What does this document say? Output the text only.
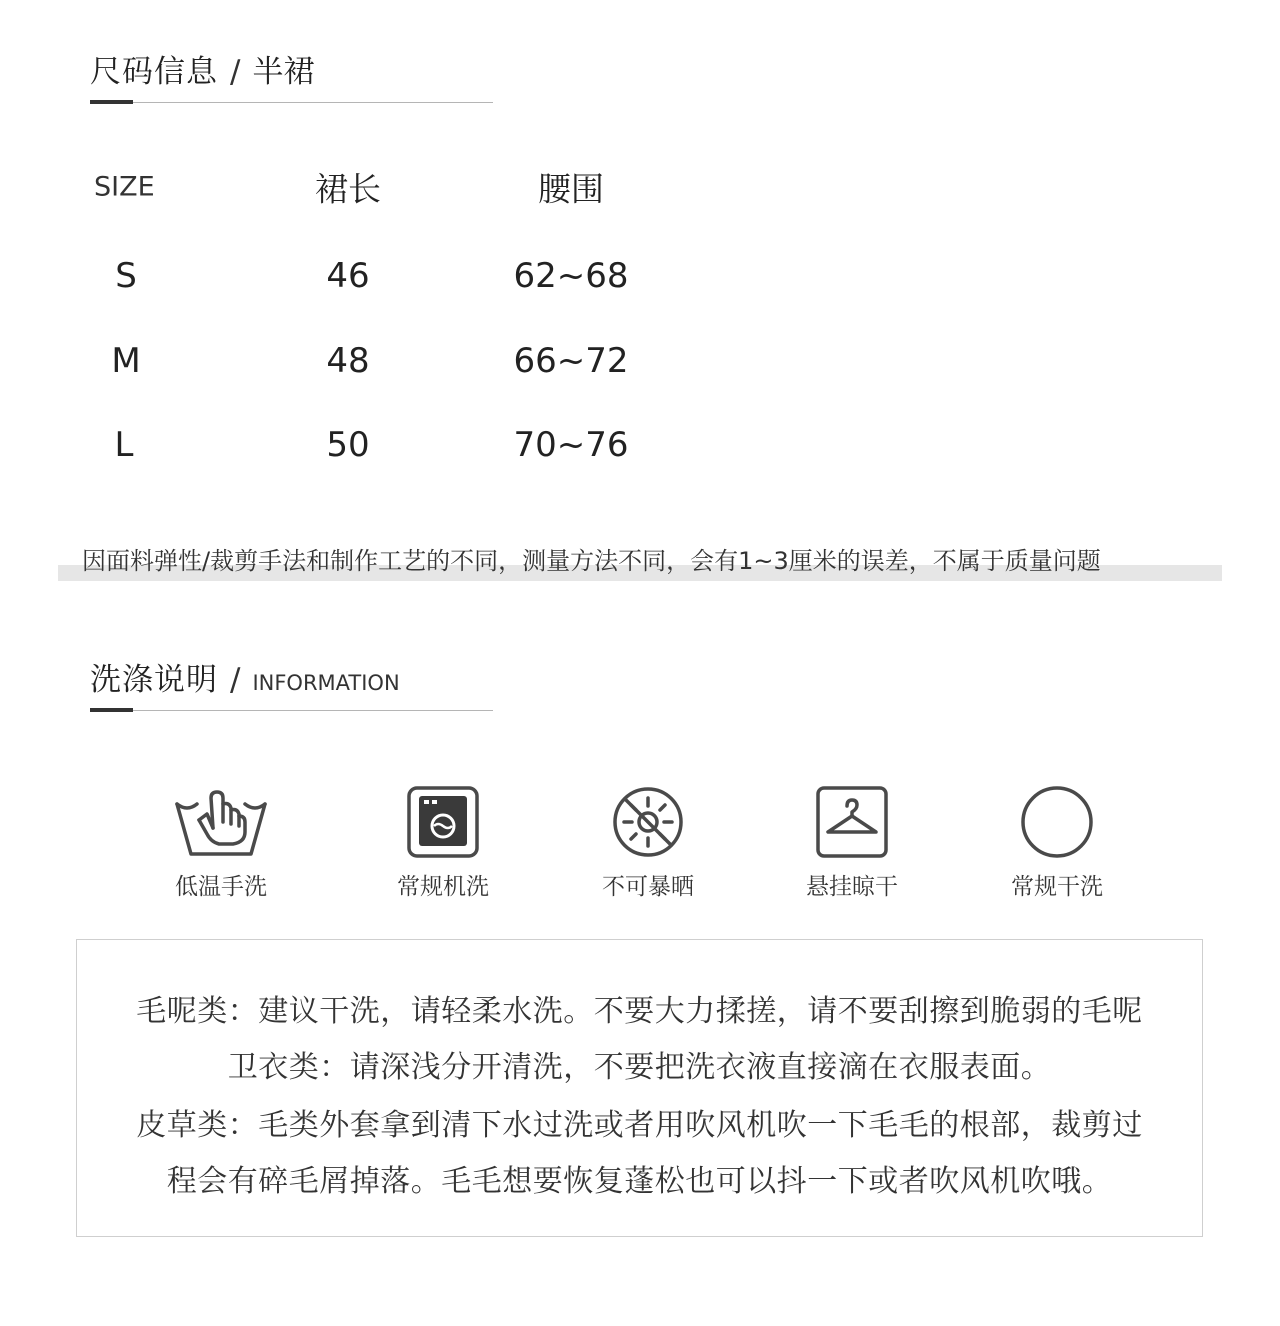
尺码信息 / 半裙
SIZE	裙长	腰围
S	46	62~68
M	48	66~72
L	50	70~76
因面料弹性/裁剪手法和制作工艺的不同，测量方法不同，会有1~3厘米的误差，不属于质量问题
洗涤说明 / INFORMATION
低温手洗	常规机洗	不可暴晒	悬挂晾干	常规干洗
毛呢类：建议干洗，请轻柔水洗。不要大力揉搓，请不要刮擦到脆弱的毛呢
卫衣类：请深浅分开清洗，不要把洗衣液直接滴在衣服表面。
皮草类：毛类外套拿到清下水过洗或者用吹风机吹一下毛毛的根部，裁剪过
程会有碎毛屑掉落。毛毛想要恢复蓬松也可以抖一下或者吹风机吹哦。
